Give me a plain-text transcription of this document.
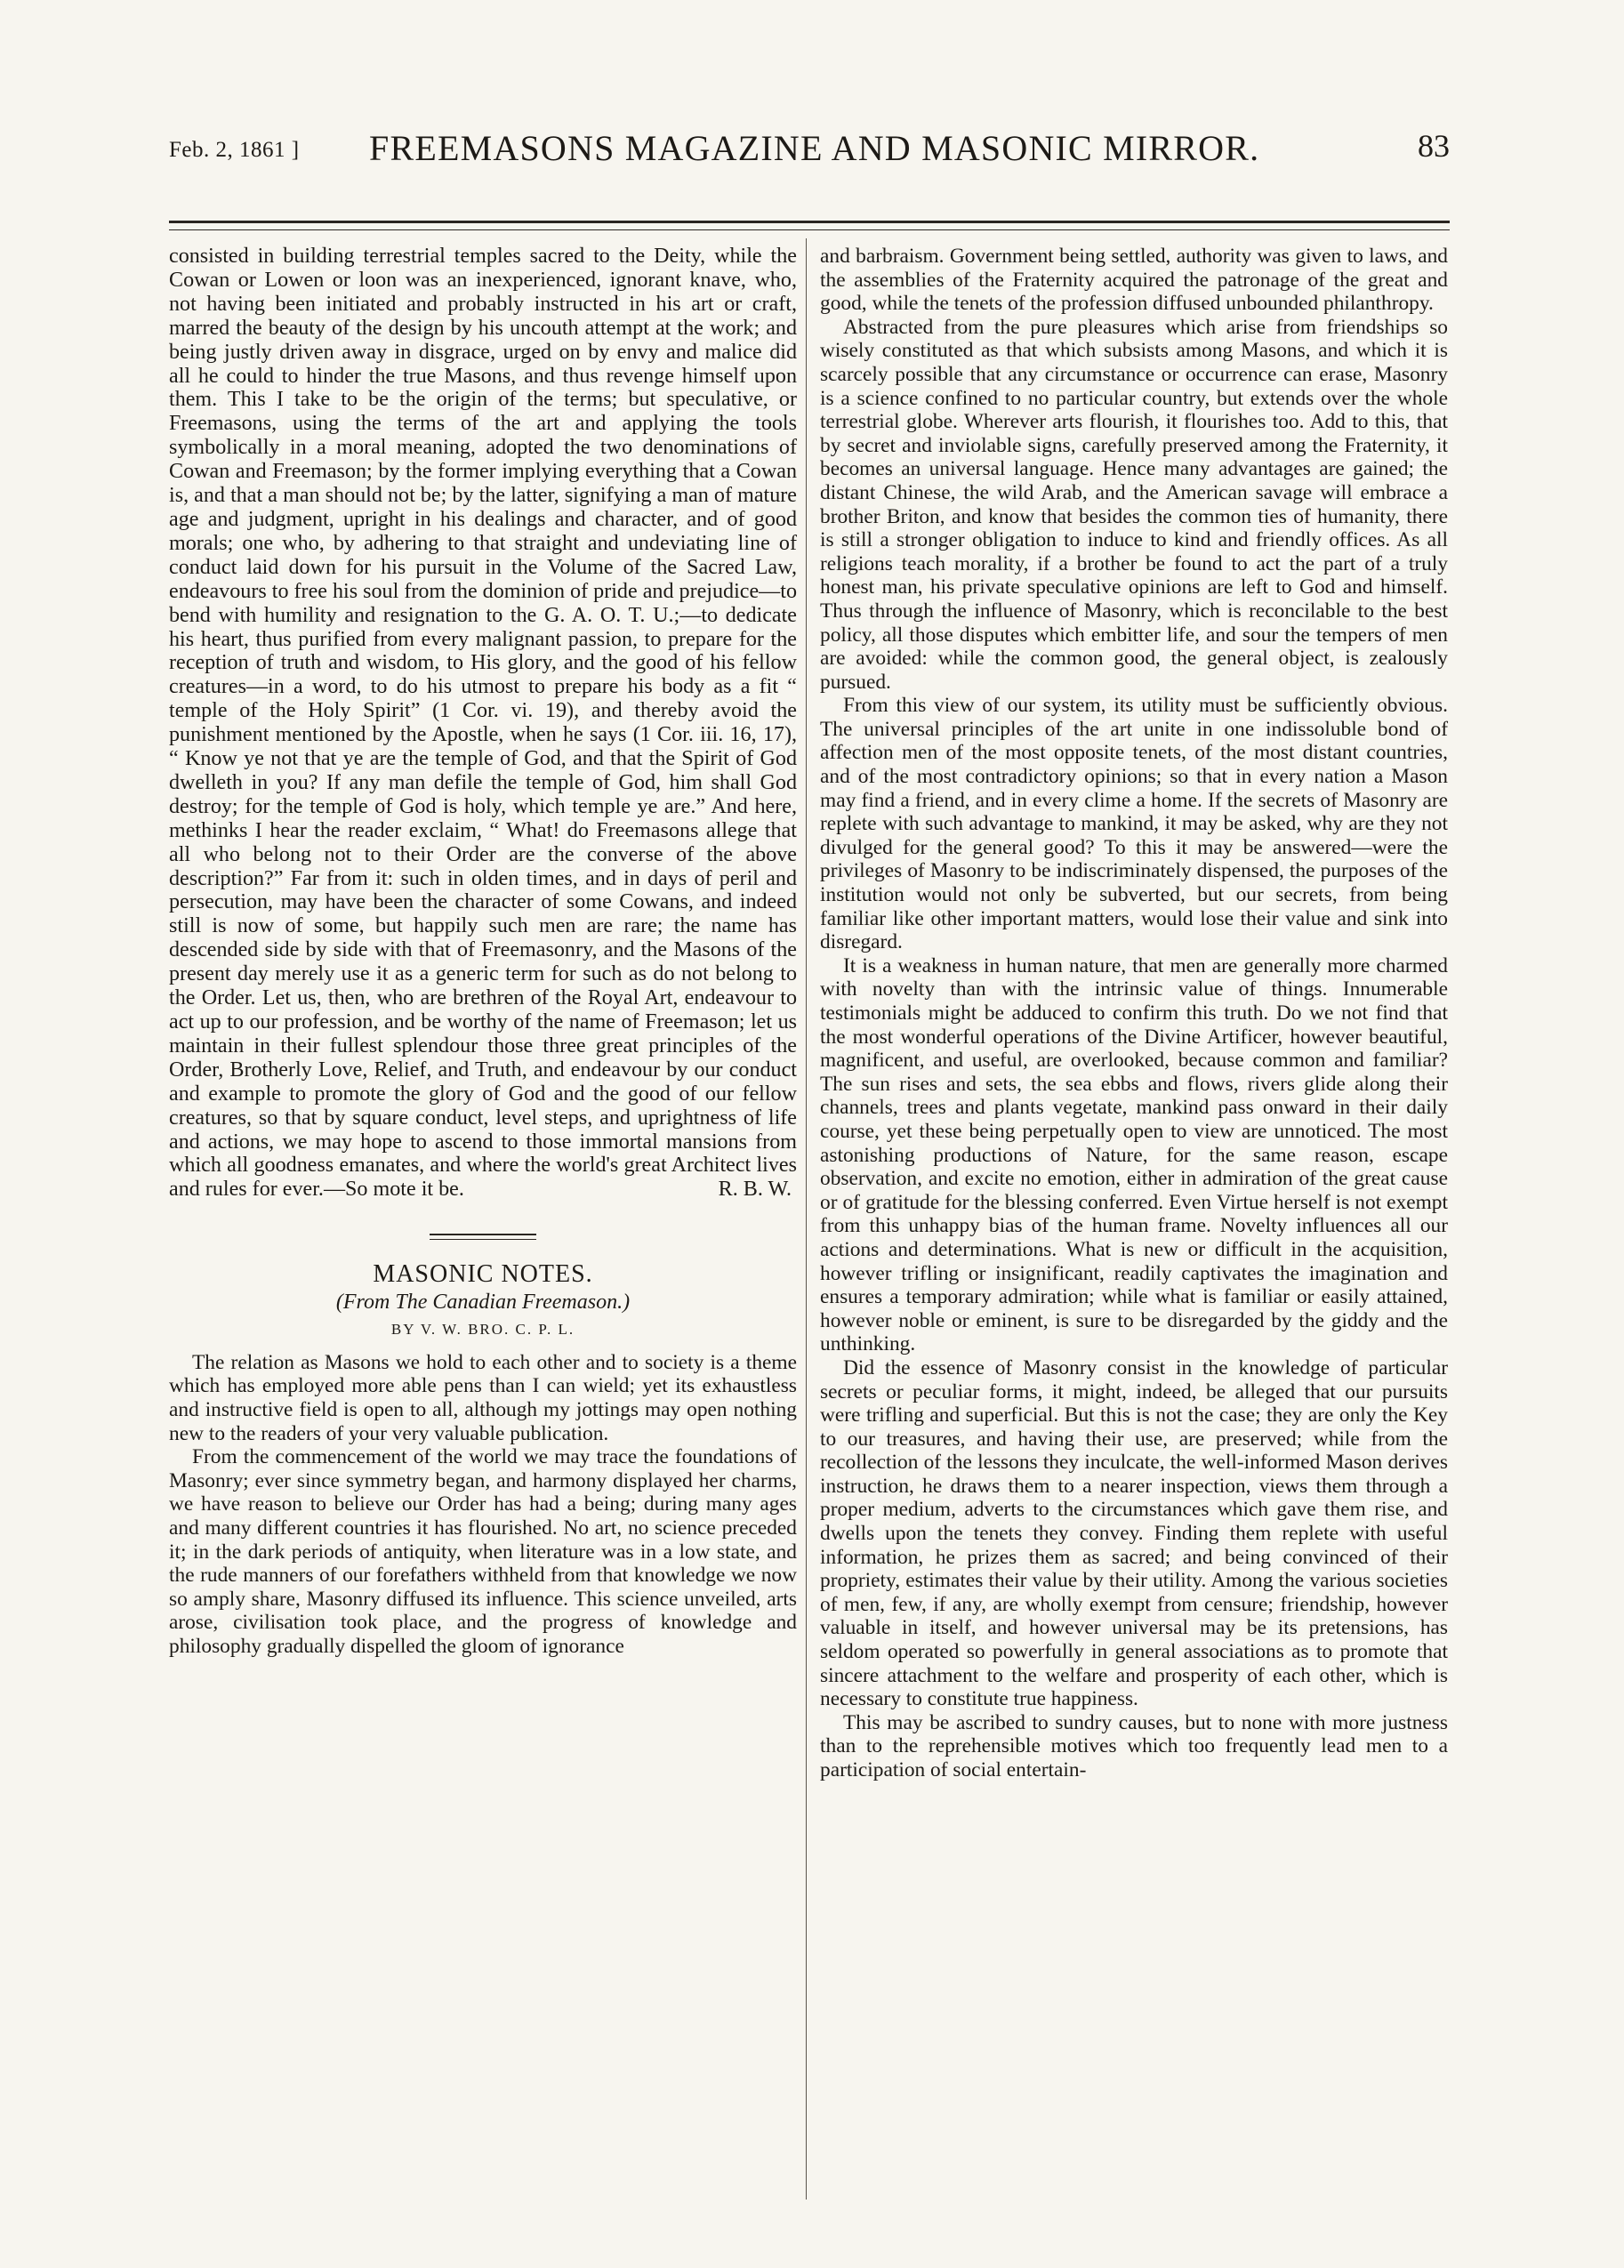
Feb. 2, 1861 ] FREEMASONS MAGAZINE AND MASONIC MIRROR.	83

consisted in building terrestrial temples sacred to the Deity, while the Cowan or Lowen or loon was an inexperienced, ignorant knave, who, not having been initiated and probably instructed in his art or craft, marred the beauty of the design by his uncouth attempt at the work; and being justly driven away in disgrace, urged on by envy and malice did all he could to hinder the true Masons, and thus revenge himself upon them. This I take to be the origin of the terms; but speculative, or Freemasons, using the terms of the art and applying the tools symbolically in a moral meaning, adopted the two denominations of Cowan and Freemason; by the former implying everything that a Cowan is, and that a man should not be; by the latter, signifying a man of mature age and judgment, upright in his dealings and character, and of good morals; one who, by adhering to that straight and undeviating line of conduct laid down for his pursuit in the Volume of the Sacred Law, endeavours to free his soul from the dominion of pride and prejudice—to bend with humility and resignation to the G. A. O. T. U.;—to dedicate his heart, thus purified from every malignant passion, to prepare for the reception of truth and wisdom, to His glory, and the good of his fellow creatures—in a word, to do his utmost to prepare his body as a fit “ temple of the Holy Spirit” (1 Cor. vi. 19), and thereby avoid the punishment mentioned by the Apostle, when he says (1 Cor. iii. 16, 17), “ Know ye not that ye are the temple of God, and that the Spirit of God dwelleth in you? If any man defile the temple of God, him shall God destroy; for the temple of God is holy, which temple ye are.” And here, methinks I hear the reader exclaim, “ What! do Freemasons allege that all who belong not to their Order are the converse of the above description?” Far from it: such in olden times, and in days of peril and persecution, may have been the character of some Cowans, and indeed still is now of some, but happily such men are rare; the name has descended side by side with that of Freemasonry, and the Masons of the present day merely use it as a generic term for such as do not belong to the Order. Let us, then, who are brethren of the Royal Art, endeavour to act up to our profession, and be worthy of the name of Freemason; let us maintain in their fullest splendour those three great principles of the Order, Brotherly Love, Relief, and Truth, and endeavour by our conduct and example to promote the glory of God and the good of our fellow creatures, so that by square conduct, level steps, and uprightness of life and actions, we may hope to ascend to those immortal mansions from which all goodness emanates, and where the world's great Architect lives and rules for ever.—So mote it be.	R. B. W.
MASONIC NOTES.
(From The Canadian Freemason.)
BY V. W. BRO. C. P. L.

The relation as Masons we hold to each other and to society is a theme which has employed more able pens than I can wield; yet its exhaustless and instructive field is open to all, although my jottings may open nothing new to the readers of your very valuable publication.

From the commencement of the world we may trace the foundations of Masonry; ever since symmetry began, and harmony displayed her charms, we have reason to believe our Order has had a being; during many ages and many different countries it has flourished. No art, no science preceded it; in the dark periods of antiquity, when literature was in a low state, and the rude manners of our forefathers withheld from that knowledge we now so amply share, Masonry diffused its influence. This science unveiled, arts arose, civilisation took place, and the progress of knowledge and philosophy gradually dispelled the gloom of ignorance

and barbraism. Government being settled, authority was given to laws, and the assemblies of the Fraternity acquired the patronage of the great and good, while the tenets of the profession diffused unbounded philanthropy.

Abstracted from the pure pleasures which arise from friendships so wisely constituted as that which subsists among Masons, and which it is scarcely possible that any circumstance or occurrence can erase, Masonry is a science confined to no particular country, but extends over the whole terrestrial globe. Wherever arts flourish, it flourishes too. Add to this, that by secret and inviolable signs, carefully preserved among the Fraternity, it becomes an universal language. Hence many advantages are gained; the distant Chinese, the wild Arab, and the American savage will embrace a brother Briton, and know that besides the common ties of humanity, there is still a stronger obligation to induce to kind and friendly offices. As all religions teach morality, if a brother be found to act the part of a truly honest man, his private speculative opinions are left to God and himself. Thus through the influence of Masonry, which is reconcilable to the best policy, all those disputes which embitter life, and sour the tempers of men are avoided: while the common good, the general object, is zealously pursued.

From this view of our system, its utility must be sufficiently obvious. The universal principles of the art unite in one indissoluble bond of affection men of the most opposite tenets, of the most distant countries, and of the most contradictory opinions; so that in every nation a Mason may find a friend, and in every clime a home. If the secrets of Masonry are replete with such advantage to mankind, it may be asked, why are they not divulged for the general good? To this it may be answered—were the privileges of Masonry to be indiscriminately dispensed, the purposes of the institution would not only be subverted, but our secrets, from being familiar like other important matters, would lose their value and sink into disregard.

It is a weakness in human nature, that men are generally more charmed with novelty than with the intrinsic value of things. Innumerable testimonials might be adduced to confirm this truth. Do we not find that the most wonderful operations of the Divine Artificer, however beautiful, magnificent, and useful, are overlooked, because common and familiar? The sun rises and sets, the sea ebbs and flows, rivers glide along their channels, trees and plants vegetate, mankind pass onward in their daily course, yet these being perpetually open to view are unnoticed. The most astonishing productions of Nature, for the same reason, escape observation, and excite no emotion, either in admiration of the great cause or of gratitude for the blessing conferred. Even Virtue herself is not exempt from this unhappy bias of the human frame. Novelty influences all our actions and determinations. What is new or difficult in the acquisition, however trifling or insignificant, readily captivates the imagination and ensures a temporary admiration; while what is familiar or easily attained, however noble or eminent, is sure to be disregarded by the giddy and the unthinking.

Did the essence of Masonry consist in the knowledge of particular secrets or peculiar forms, it might, indeed, be alleged that our pursuits were trifling and superficial. But this is not the case; they are only the Key to our treasures, and having their use, are preserved; while from the recollection of the lessons they inculcate, the well-informed Mason derives instruction, he draws them to a nearer inspection, views them through a proper medium, adverts to the circumstances which gave them rise, and dwells upon the tenets they convey. Finding them replete with useful information, he prizes them as sacred; and being convinced of their propriety, estimates their value by their utility. Among the various societies of men, few, if any, are wholly exempt from censure; friendship, however valuable in itself, and however universal may be its pretensions, has seldom operated so powerfully in general associations as to promote that sincere attachment to the welfare and prosperity of each other, which is necessary to constitute true happiness.

This may be ascribed to sundry causes, but to none with more justness than to the reprehensible motives which too frequently lead men to a participation of social entertain-
